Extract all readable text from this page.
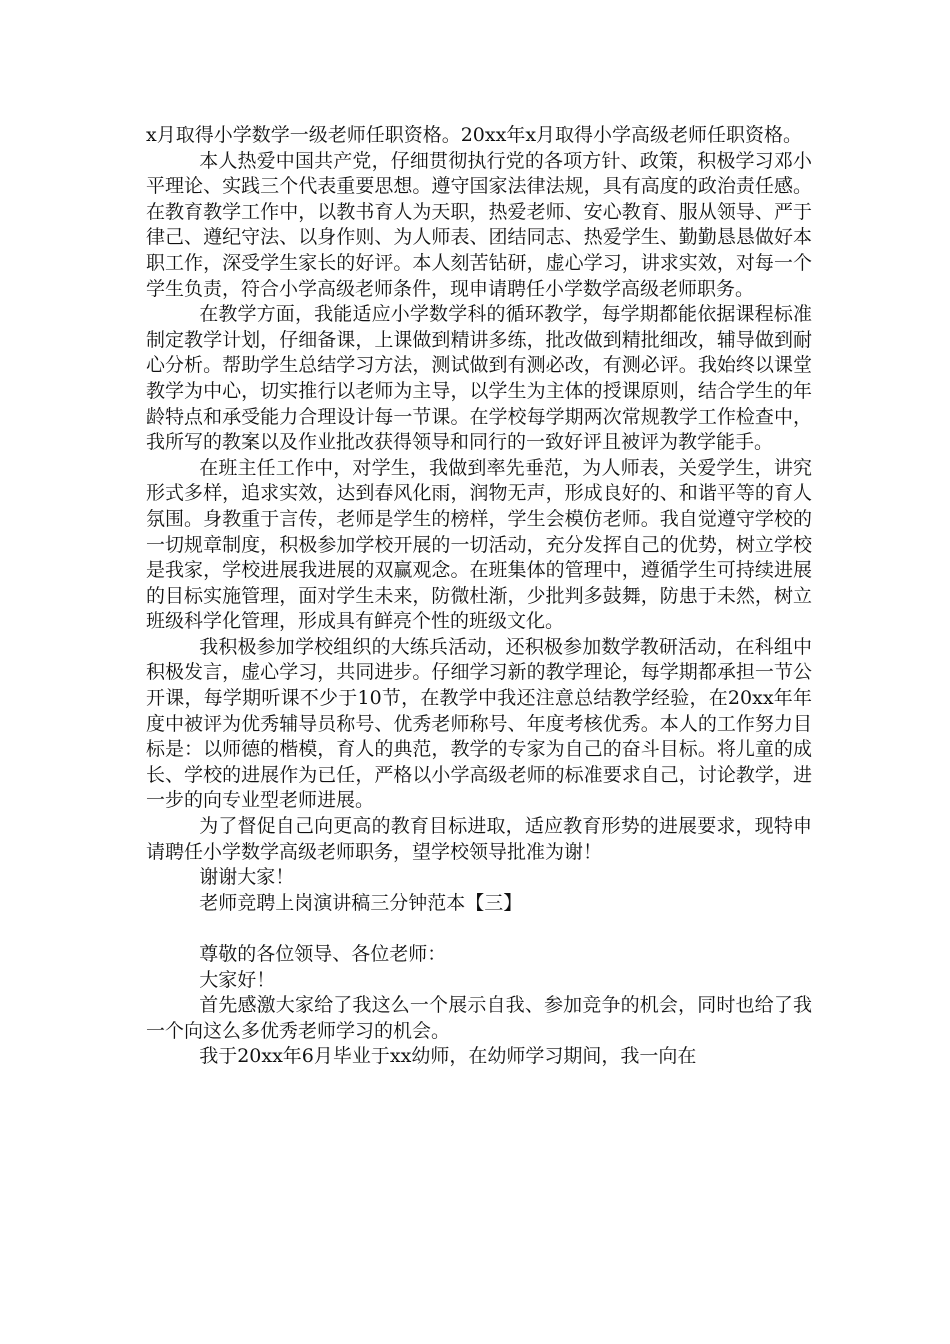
x月取得小学数学一级老师任职资格。20xx年x月取得小学高级老师任职资格。

本人热爱中国共产党，仔细贯彻执行党的各项方针、政策，积极学习邓小平理论、实践三个代表重要思想。遵守国家法律法规，具有高度的政治责任感。在教育教学工作中，以教书育人为天职，热爱老师、安心教育、服从领导、严于律己、遵纪守法、以身作则、为人师表、团结同志、热爱学生、勤勤恳恳做好本职工作，深受学生家长的好评。本人刻苦钻研，虚心学习，讲求实效，对每一个学生负责，符合小学高级老师条件，现申请聘任小学数学高级老师职务。

在教学方面，我能适应小学数学科的循环教学，每学期都能依据课程标准制定教学计划，仔细备课，上课做到精讲多练，批改做到精批细改，辅导做到耐心分析。帮助学生总结学习方法，测试做到有测必改，有测必评。我始终以课堂教学为中心，切实推行以老师为主导，以学生为主体的授课原则，结合学生的年龄特点和承受能力合理设计每一节课。在学校每学期两次常规教学工作检查中，我所写的教案以及作业批改获得领导和同行的一致好评且被评为教学能手。

在班主任工作中，对学生，我做到率先垂范，为人师表，关爱学生，讲究形式多样，追求实效，达到春风化雨，润物无声，形成良好的、和谐平等的育人氛围。身教重于言传，老师是学生的榜样，学生会模仿老师。我自觉遵守学校的一切规章制度，积极参加学校开展的一切活动，充分发挥自己的优势，树立学校是我家，学校进展我进展的双赢观念。在班集体的管理中，遵循学生可持续进展的目标实施管理，面对学生未来，防微杜渐，少批判多鼓舞，防患于未然，树立班级科学化管理，形成具有鲜亮个性的班级文化。

我积极参加学校组织的大练兵活动，还积极参加数学教研活动，在科组中积极发言，虚心学习，共同进步。仔细学习新的教学理论，每学期都承担一节公开课，每学期听课不少于10节，在教学中我还注意总结教学经验，在20xx年年度中被评为优秀辅导员称号、优秀老师称号、年度考核优秀。本人的工作努力目标是：以师德的楷模，育人的典范，教学的专家为自己的奋斗目标。将儿童的成长、学校的进展作为已任，严格以小学高级老师的标准要求自己，讨论教学，进一步的向专业型老师进展。

为了督促自己向更高的教育目标进取，适应教育形势的进展要求，现特申请聘任小学数学高级老师职务，望学校领导批准为谢！

谢谢大家！

老师竞聘上岗演讲稿三分钟范本【三】

尊敬的各位领导、各位老师：

大家好！

首先感激大家给了我这么一个展示自我、参加竞争的机会，同时也给了我一个向这么多优秀老师学习的机会。

我于20xx年6月毕业于xx幼师，在幼师学习期间，我一向在
